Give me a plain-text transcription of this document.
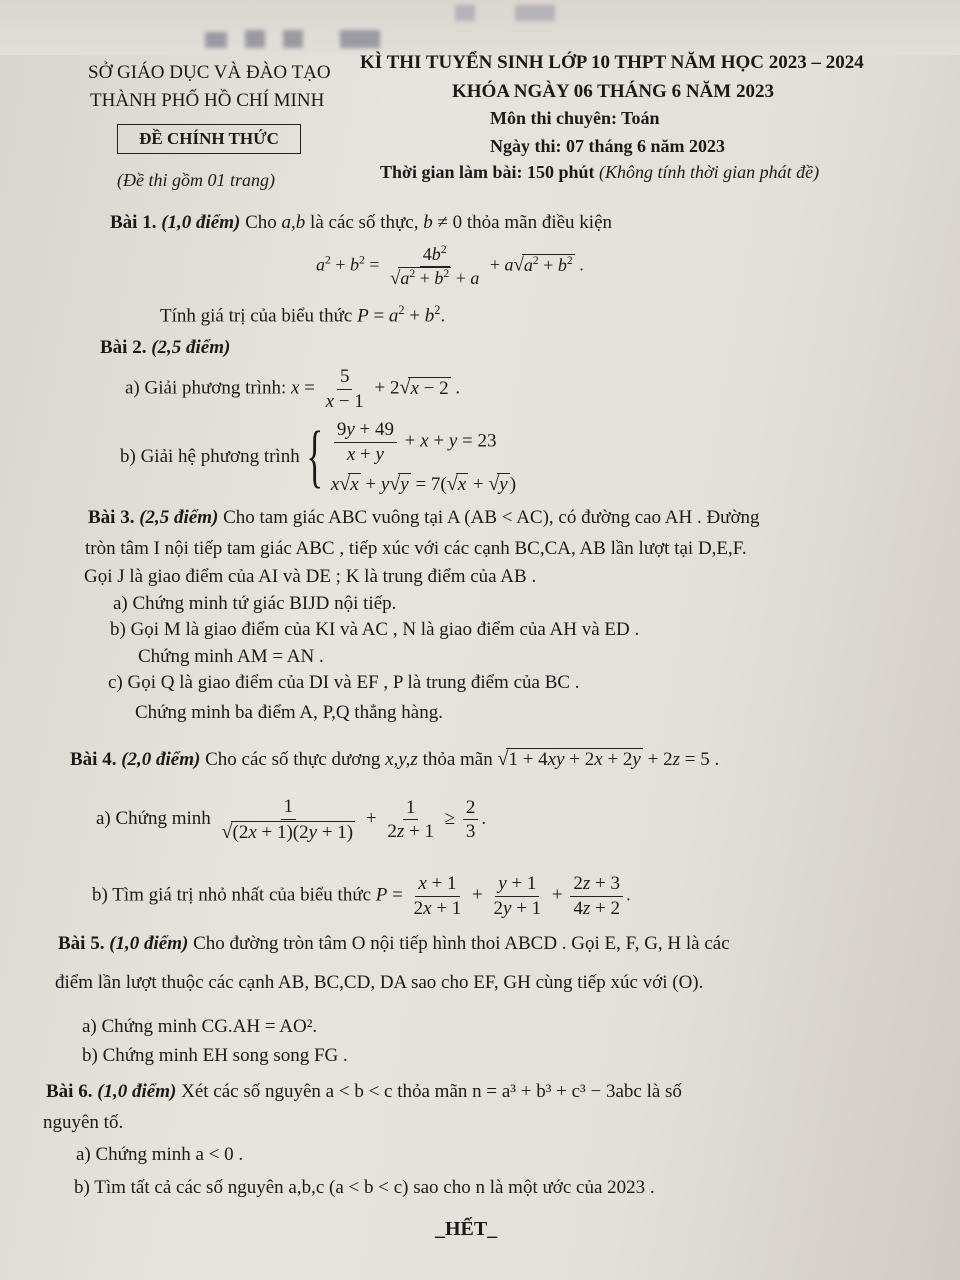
SỞ GIÁO DỤC VÀ ĐÀO TẠO
THÀNH PHỐ HỒ CHÍ MINH
ĐỀ CHÍNH THỨC
(Đề thi gồm 01 trang)
KÌ THI TUYỂN SINH LỚP 10 THPT NĂM HỌC 2023 – 2024
KHÓA NGÀY 06 THÁNG 6 NĂM 2023
Môn thi chuyên: Toán
Ngày thi: 07 tháng 6 năm 2023
Thời gian làm bài: 150 phút (Không tính thời gian phát đề)
Bài 1. (1,0 điểm) Cho a,b là các số thực, b ≠ 0 thỏa mãn điều kiện
$a^2 + b^2 = \frac{4b^2}{√a^2 + b^2 + a} + a√a^2 + b^2$ .
Tính giá trị của biểu thức $P = a^2 + b^2$.
Bài 2. (2,5 điểm)
a) Giải phương trình: $x = \frac{5}{x - 1} + 2√x - 2$ .
b) Giải hệ phương trình { $\frac{9y + 49}{x + y} + x + y = 23$
x√x + y√y = 7(√x + √y )
Bài 3. (2,5 điểm) Cho tam giác ABC vuông tại A (AB < AC), có đường cao AH . Đường
tròn tâm I nội tiếp tam giác ABC , tiếp xúc với các cạnh BC,CA, AB lần lượt tại D,E,F.
Gọi J là giao điểm của AI và DE ; K là trung điểm của AB .
a) Chứng minh tứ giác BIJD nội tiếp.
b) Gọi M là giao điểm của KI và AC , N là giao điểm của AH và ED .
Chứng minh AM = AN .
c) Gọi Q là giao điểm của DI và EF , P là trung điểm của BC .
Chứng minh ba điểm A, P,Q thẳng hàng.
Bài 4. (2,0 điểm) Cho các số thực dương x,y,z thỏa mãn √1 + 4xy + 2x + 2y + 2z = 5 .
a) Chứng minh $\frac{1}{√(2x + 1)(2y + 1)} + \frac{1}{2z + 1} \ge \frac{2}{3}$ .
b) Tìm giá trị nhỏ nhất của biểu thức $P = \frac{x + 1}{2x + 1} + \frac{y + 1}{2y + 1} + \frac{2z + 3}{4z + 2}$ .
Bài 5. (1,0 điểm) Cho đường tròn tâm O nội tiếp hình thoi ABCD . Gọi E, F, G, H là các
điểm lần lượt thuộc các cạnh AB, BC,CD, DA sao cho EF, GH cùng tiếp xúc với (O).
a) Chứng minh CG.AH = AO².
b) Chứng minh EH song song FG .
Bài 6. (1,0 điểm) Xét các số nguyên a < b < c thỏa mãn n = a³ + b³ + c³ − 3abc là số
nguyên tố.
a) Chứng minh a < 0 .
b) Tìm tất cả các số nguyên a,b,c (a < b < c) sao cho n là một ước của 2023 .
_HẾT_
